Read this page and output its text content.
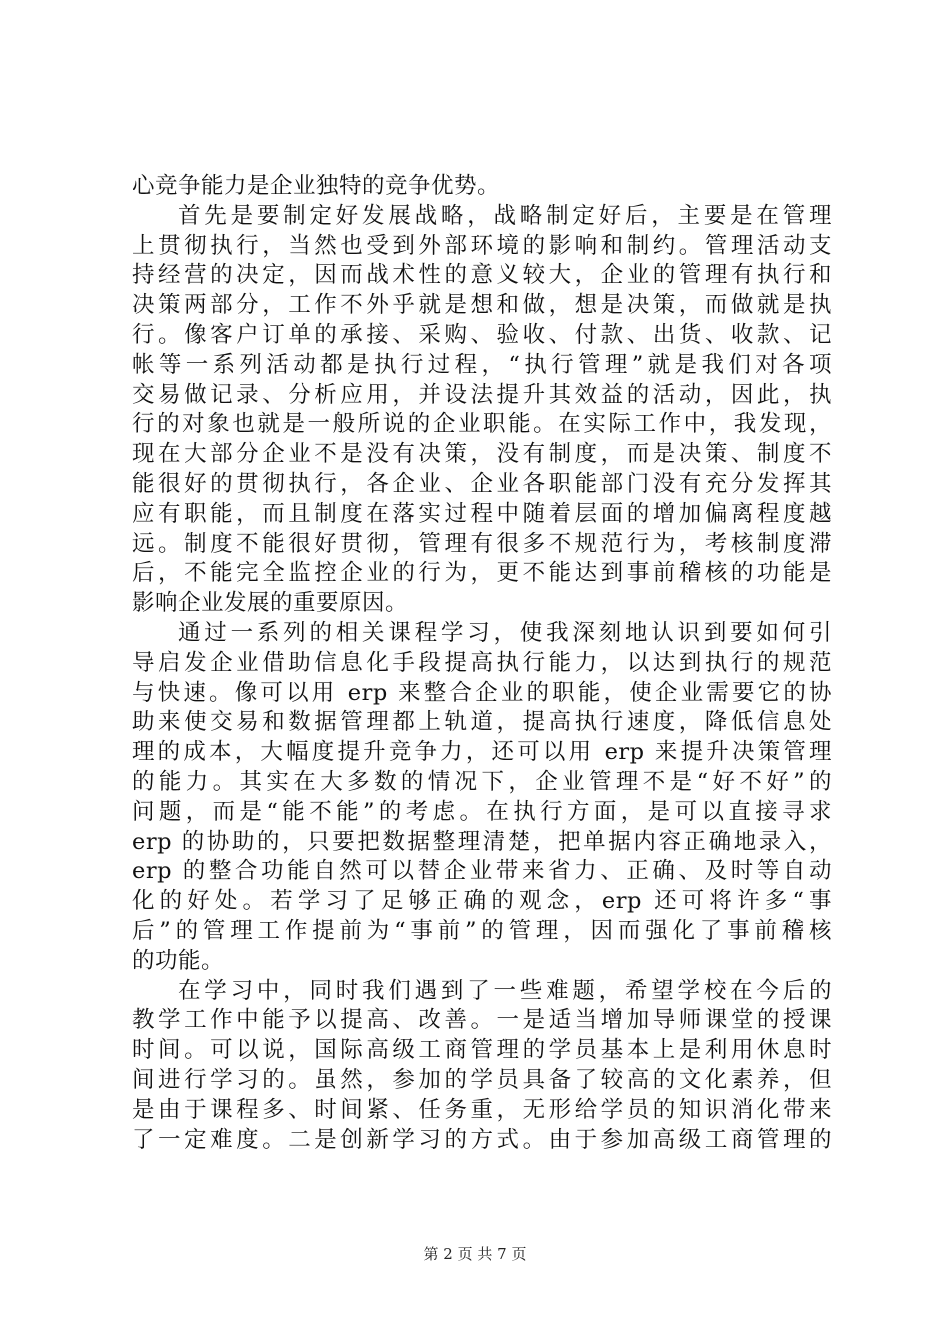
心竞争能力是企业独特的竞争优势。
首先是要制定好发展战略，战略制定好后，主要是在管理
上贯彻执行，当然也受到外部环境的影响和制约。管理活动支
持经营的决定，因而战术性的意义较大，企业的管理有执行和
决策两部分，工作不外乎就是想和做，想是决策，而做就是执
行。像客户订单的承接、采购、验收、付款、出货、收款、记
帐等一系列活动都是执行过程，“执行管理”就是我们对各项
交易做记录、分析应用，并设法提升其效益的活动，因此，执
行的对象也就是一般所说的企业职能。在实际工作中，我发现，
现在大部分企业不是没有决策，没有制度，而是决策、制度不
能很好的贯彻执行，各企业、企业各职能部门没有充分发挥其
应有职能，而且制度在落实过程中随着层面的增加偏离程度越
远。制度不能很好贯彻，管理有很多不规范行为，考核制度滞
后，不能完全监控企业的行为，更不能达到事前稽核的功能是
影响企业发展的重要原因。
通过一系列的相关课程学习，使我深刻地认识到要如何引
导启发企业借助信息化手段提高执行能力，以达到执行的规范
与快速。像可以用 erp 来整合企业的职能，使企业需要它的协
助来使交易和数据管理都上轨道，提高执行速度，降低信息处
理的成本，大幅度提升竞争力，还可以用 erp 来提升决策管理
的能力。其实在大多数的情况下，企业管理不是“好不好”的
问题，而是“能不能”的考虑。在执行方面，是可以直接寻求
erp 的协助的，只要把数据整理清楚，把单据内容正确地录入，
erp 的整合功能自然可以替企业带来省力、正确、及时等自动
化的好处。若学习了足够正确的观念，erp 还可将许多“事
后”的管理工作提前为“事前”的管理，因而强化了事前稽核
的功能。
在学习中，同时我们遇到了一些难题，希望学校在今后的
教学工作中能予以提高、改善。一是适当增加导师课堂的授课
时间。可以说，国际高级工商管理的学员基本上是利用休息时
间进行学习的。虽然，参加的学员具备了较高的文化素养，但
是由于课程多、时间紧、任务重，无形给学员的知识消化带来
了一定难度。二是创新学习的方式。由于参加高级工商管理的
第 2 页 共 7 页
